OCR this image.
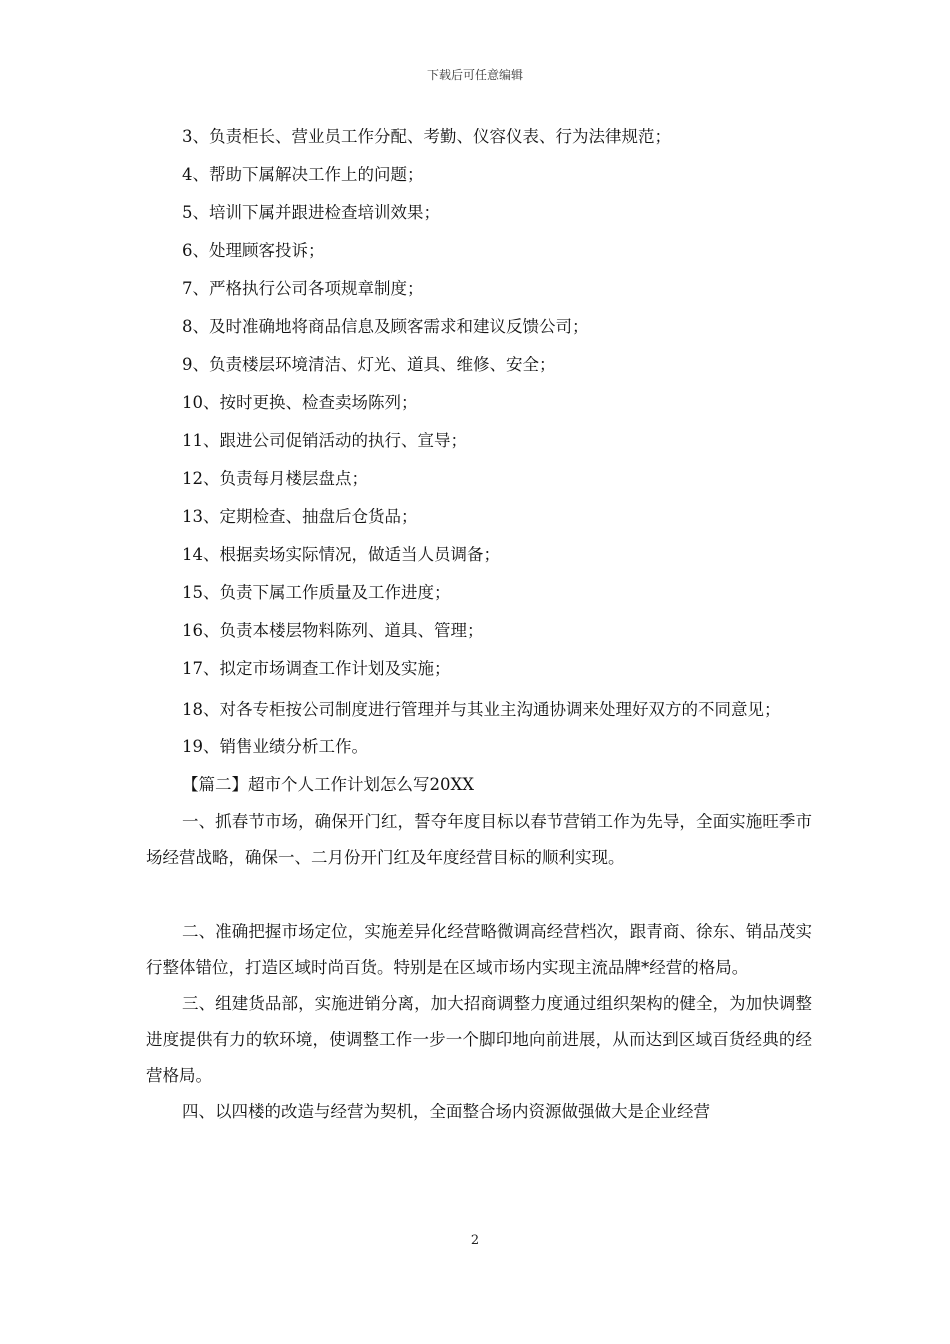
下载后可任意编辑
3、负责柜长、营业员工作分配、考勤、仪容仪表、行为法律规范；
4、帮助下属解决工作上的问题；
5、培训下属并跟进检查培训效果；
6、处理顾客投诉；
7、严格执行公司各项规章制度；
8、及时准确地将商品信息及顾客需求和建议反馈公司；
9、负责楼层环境清洁、灯光、道具、维修、安全；
10、按时更换、检查卖场陈列；
11、跟进公司促销活动的执行、宣导；
12、负责每月楼层盘点；
13、定期检查、抽盘后仓货品；
14、根据卖场实际情况，做适当人员调备；
15、负责下属工作质量及工作进度；
16、负责本楼层物料陈列、道具、管理；
17、拟定市场调查工作计划及实施；
18、对各专柜按公司制度进行管理并与其业主沟通协调来处理好双方的不同意见；
19、销售业绩分析工作。
【篇二】超市个人工作计划怎么写20XX
一、抓春节市场，确保开门红，誓夺年度目标以春节营销工作为先导，全面实施旺季市场经营战略，确保一、二月份开门红及年度经营目标的顺利实现。
二、准确把握市场定位，实施差异化经营略微调高经营档次，跟青商、徐东、销品茂实行整体错位，打造区域时尚百货。特别是在区域市场内实现主流品牌*经营的格局。
三、组建货品部，实施进销分离，加大招商调整力度通过组织架构的健全，为加快调整进度提供有力的软环境，使调整工作一步一个脚印地向前进展，从而达到区域百货经典的经营格局。
四、以四楼的改造与经营为契机，全面整合场内资源做强做大是企业经营
2
